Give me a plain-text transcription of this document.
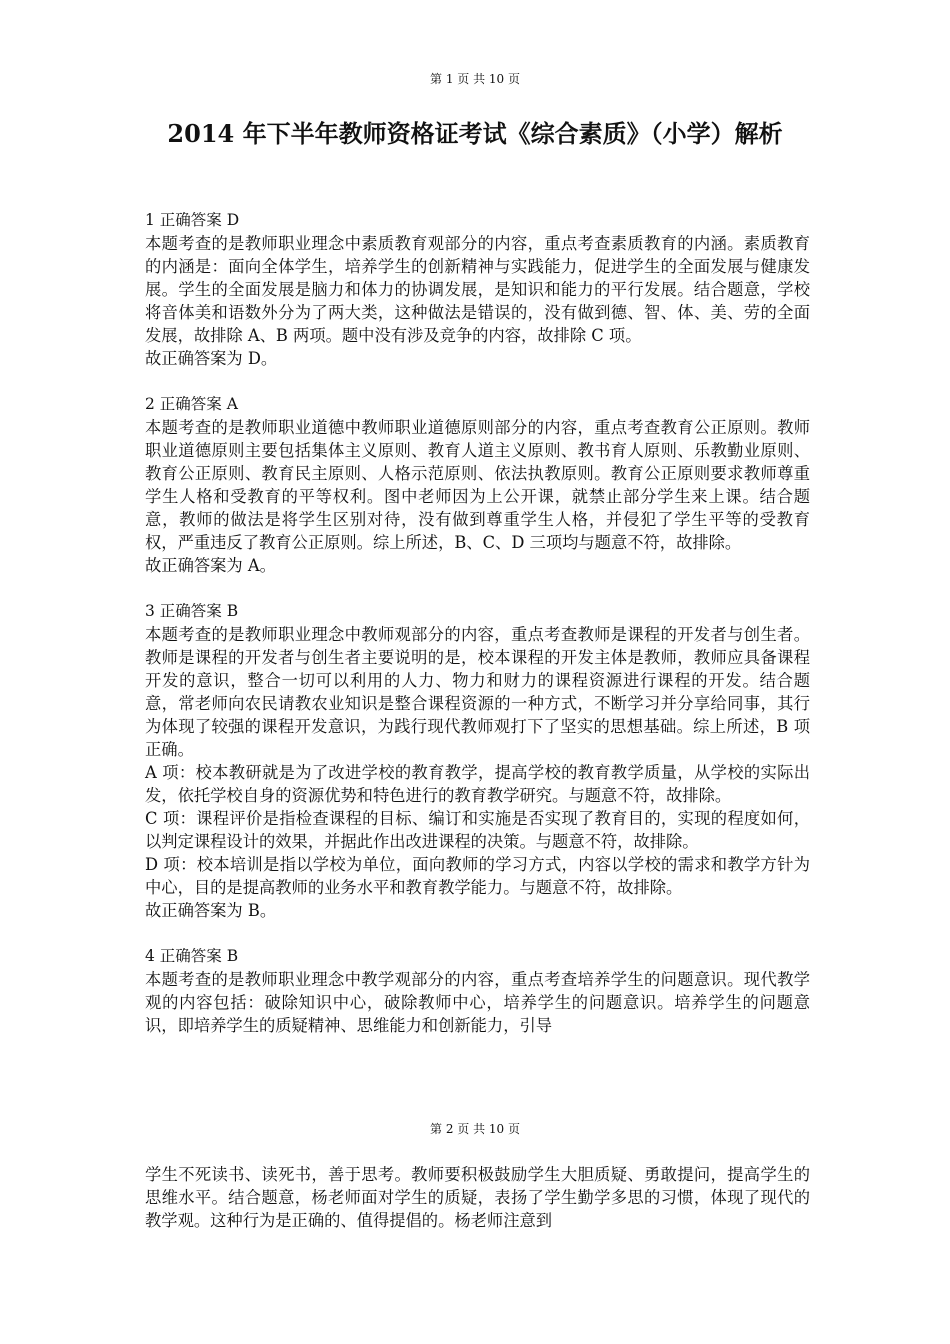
第 1 页 共 10 页
2014 年下半年教师资格证考试《综合素质》（小学）解析

1 正确答案 D

本题考查的是教师职业理念中素质教育观部分的内容，重点考查素质教育的内涵。素质教育的内涵是：面向全体学生，培养学生的创新精神与实践能力，促进学生的全面发展与健康发展。学生的全面发展是脑力和体力的协调发展，是知识和能力的平行发展。结合题意，学校将音体美和语数外分为了两大类，这种做法是错误的，没有做到德、智、体、美、劳的全面发展，故排除 A、B 两项。题中没有涉及竞争的内容，故排除 C 项。

故正确答案为 D。

2 正确答案 A

本题考查的是教师职业道德中教师职业道德原则部分的内容，重点考查教育公正原则。教师职业道德原则主要包括集体主义原则、教育人道主义原则、教书育人原则、乐教勤业原则、教育公正原则、教育民主原则、人格示范原则、依法执教原则。教育公正原则要求教师尊重学生人格和受教育的平等权利。图中老师因为上公开课，就禁止部分学生来上课。结合题意，教师的做法是将学生区别对待，没有做到尊重学生人格，并侵犯了学生平等的受教育权，严重违反了教育公正原则。综上所述，B、C、D 三项均与题意不符，故排除。

故正确答案为 A。

3 正确答案 B

本题考查的是教师职业理念中教师观部分的内容，重点考查教师是课程的开发者与创生者。教师是课程的开发者与创生者主要说明的是，校本课程的开发主体是教师，教师应具备课程开发的意识，整合一切可以利用的人力、物力和财力的课程资源进行课程的开发。结合题意，常老师向农民请教农业知识是整合课程资源的一种方式，不断学习并分享给同事，其行为体现了较强的课程开发意识，为践行现代教师观打下了坚实的思想基础。综上所述，B 项正确。

A 项：校本教研就是为了改进学校的教育教学，提高学校的教育教学质量，从学校的实际出发，依托学校自身的资源优势和特色进行的教育教学研究。与题意不符，故排除。

C 项：课程评价是指检查课程的目标、编订和实施是否实现了教育目的，实现的程度如何，以判定课程设计的效果，并据此作出改进课程的决策。与题意不符，故排除。

D 项：校本培训是指以学校为单位，面向教师的学习方式，内容以学校的需求和教学方针为中心，目的是提高教师的业务水平和教育教学能力。与题意不符，故排除。

故正确答案为 B。

4 正确答案 B

本题考查的是教师职业理念中教学观部分的内容，重点考查培养学生的问题意识。现代教学观的内容包括：破除知识中心，破除教师中心，培养学生的问题意识。培养学生的问题意识，即培养学生的质疑精神、思维能力和创新能力，引导

第 2 页 共 10 页

学生不死读书、读死书，善于思考。教师要积极鼓励学生大胆质疑、勇敢提问，提高学生的思维水平。结合题意，杨老师面对学生的质疑，表扬了学生勤学多思的习惯，体现了现代的教学观。这种行为是正确的、值得提倡的。杨老师注意到
